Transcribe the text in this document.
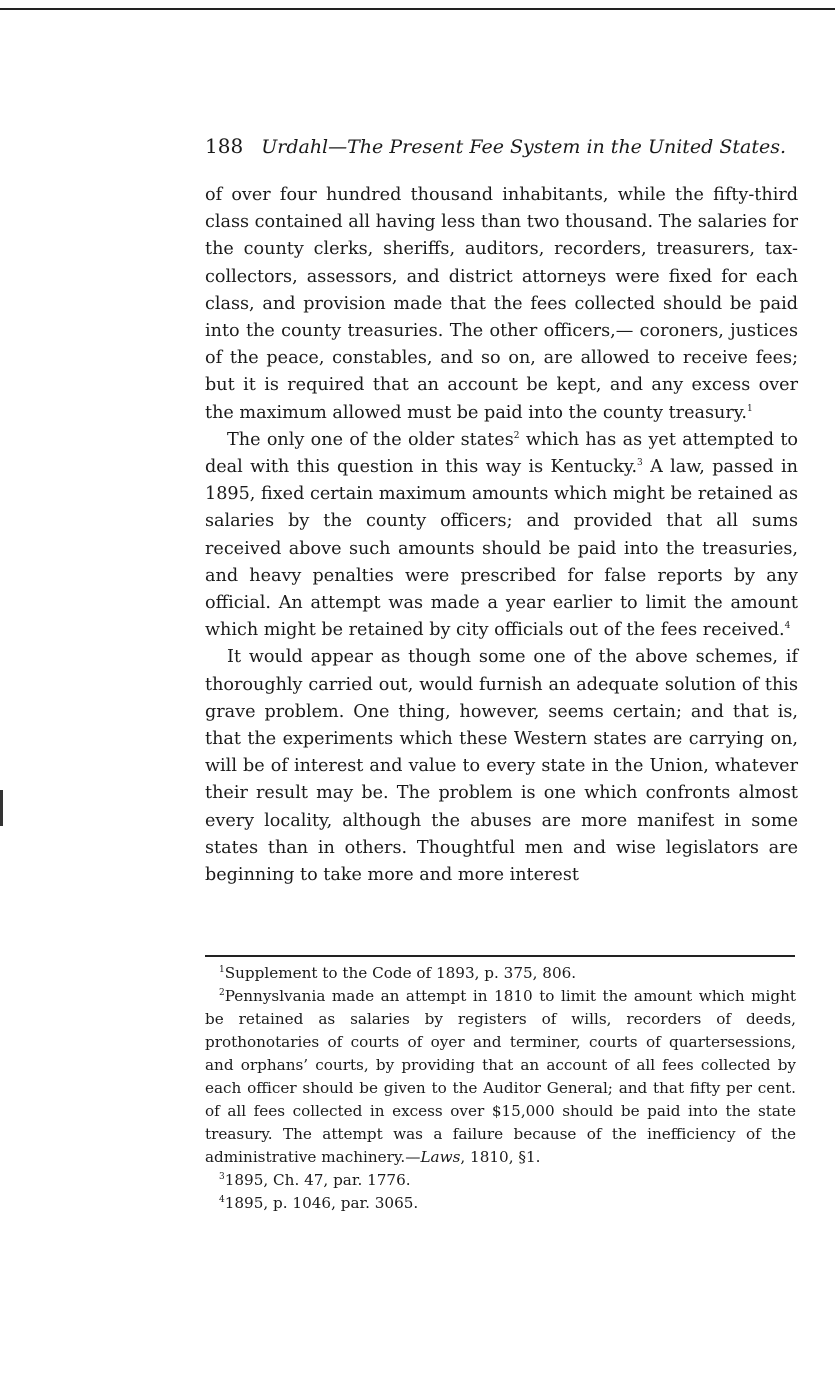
188 Urdahl—The Present Fee System in the United States.

of over four hundred thousand inhabitants, while the fifty-third class contained all having less than two thousand. The salaries for the county clerks, sheriffs, auditors, recorders, treasurers, tax-collectors, assessors, and district attorneys were fixed for each class, and provision made that the fees collected should be paid into the county treasuries. The other officers,— coroners, justices of the peace, constables, and so on, are allowed to receive fees; but it is required that an account be kept, and any excess over the maximum allowed must be paid into the county treasury.$^1$

The only one of the older states$^2$ which has as yet attempted to deal with this question in this way is Kentucky.$^3$ A law, passed in 1895, fixed certain maximum amounts which might be retained as salaries by the county officers; and provided that all sums received above such amounts should be paid into the treasuries, and heavy penalties were prescribed for false reports by any official. An attempt was made a year earlier to limit the amount which might be retained by city officials out of the fees received.$^4$

It would appear as though some one of the above schemes, if thoroughly carried out, would furnish an adequate solution of this grave problem. One thing, however, seems certain; and that is, that the experiments which these Western states are carrying on, will be of interest and value to every state in the Union, whatever their result may be. The problem is one which confronts almost every locality, although the abuses are more manifest in some states than in others. Thoughtful men and wise legislators are beginning to take more and more interest

$^1$Supplement to the Code of 1893, p. 375, 806.

$^2$Pennyslvania made an attempt in 1810 to limit the amount which might be retained as salaries by registers of wills, recorders of deeds, prothonotaries of courts of oyer and terminer, courts of quartersessions, and orphans’ courts, by providing that an account of all fees collected by each officer should be given to the Auditor General; and that fifty per cent. of all fees collected in excess over $15,000 should be paid into the state treasury. The attempt was a failure because of the inefficiency of the administrative machinery.—Laws, 1810, §1.

$^3$1895, Ch. 47, par. 1776.

$^4$1895, p. 1046, par. 3065.
